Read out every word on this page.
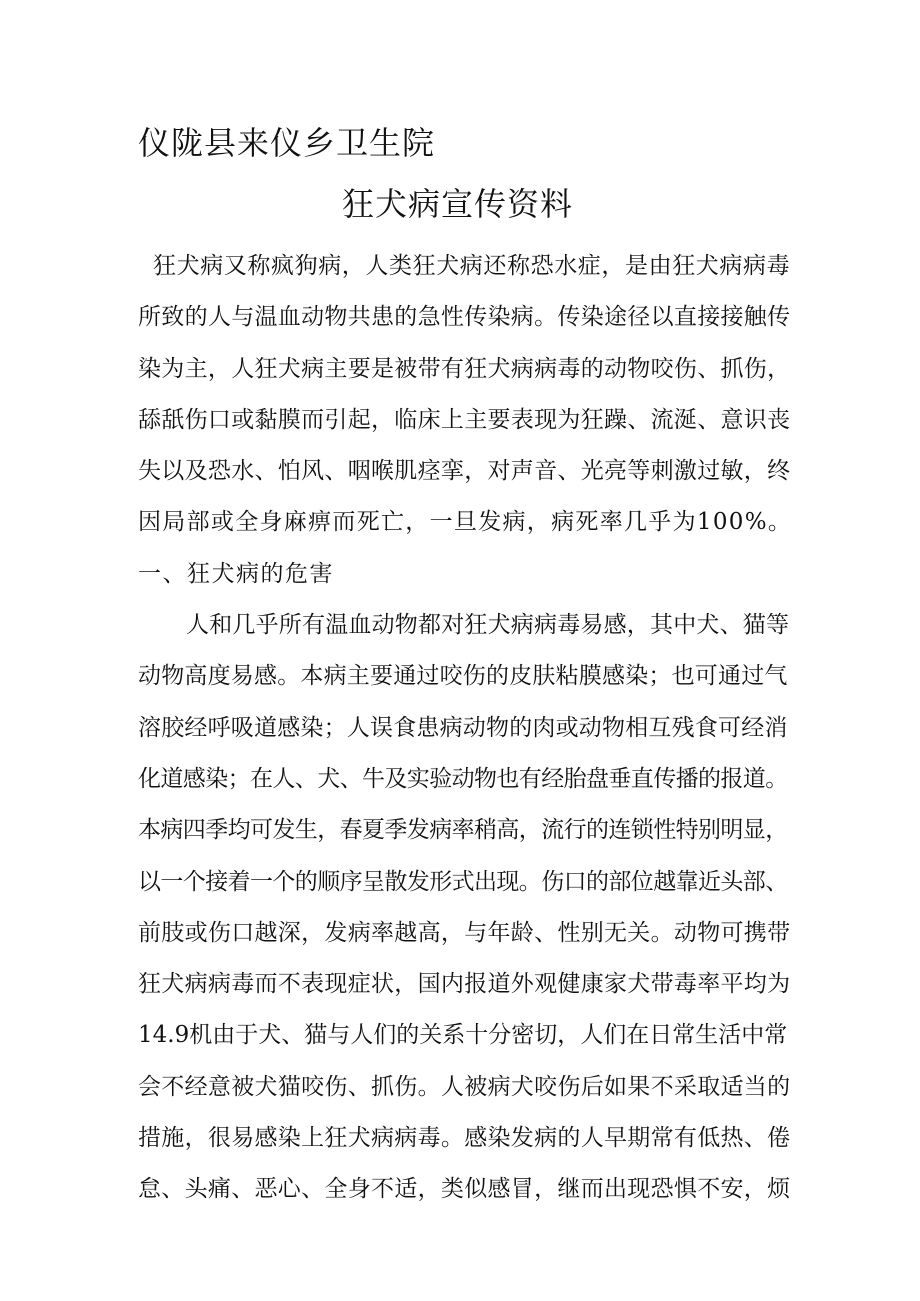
仪陇县来仪乡卫生院
狂犬病宣传资料

狂犬病又称疯狗病，人类狂犬病还称恐水症，是由狂犬病病毒

所致的人与温血动物共患的急性传染病。传染途径以直接接触传

染为主，人狂犬病主要是被带有狂犬病病毒的动物咬伤、抓伤，

舔舐伤口或黏膜而引起，临床上主要表现为狂躁、流涎、意识丧

失以及恐水、怕风、咽喉肌痉挛，对声音、光亮等刺激过敏，终

因局部或全身麻痹而死亡，一旦发病，病死率几乎为100%。

一、狂犬病的危害

人和几乎所有温血动物都对狂犬病病毒易感，其中犬、猫等

动物高度易感。本病主要通过咬伤的皮肤粘膜感染；也可通过气

溶胶经呼吸道感染；人误食患病动物的肉或动物相互残食可经消

化道感染；在人、犬、牛及实验动物也有经胎盘垂直传播的报道。

本病四季均可发生，春夏季发病率稍高，流行的连锁性特别明显，

以一个接着一个的顺序呈散发形式出现。伤口的部位越靠近头部、

前肢或伤口越深，发病率越高，与年龄、性别无关。动物可携带

狂犬病病毒而不表现症状，国内报道外观健康家犬带毒率平均为

14.9机由于犬、猫与人们的关系十分密切，人们在日常生活中常

会不经意被犬猫咬伤、抓伤。人被病犬咬伤后如果不采取适当的

措施，很易感染上狂犬病病毒。感染发病的人早期常有低热、倦

怠、头痛、恶心、全身不适，类似感冒，继而出现恐惧不安，烦
